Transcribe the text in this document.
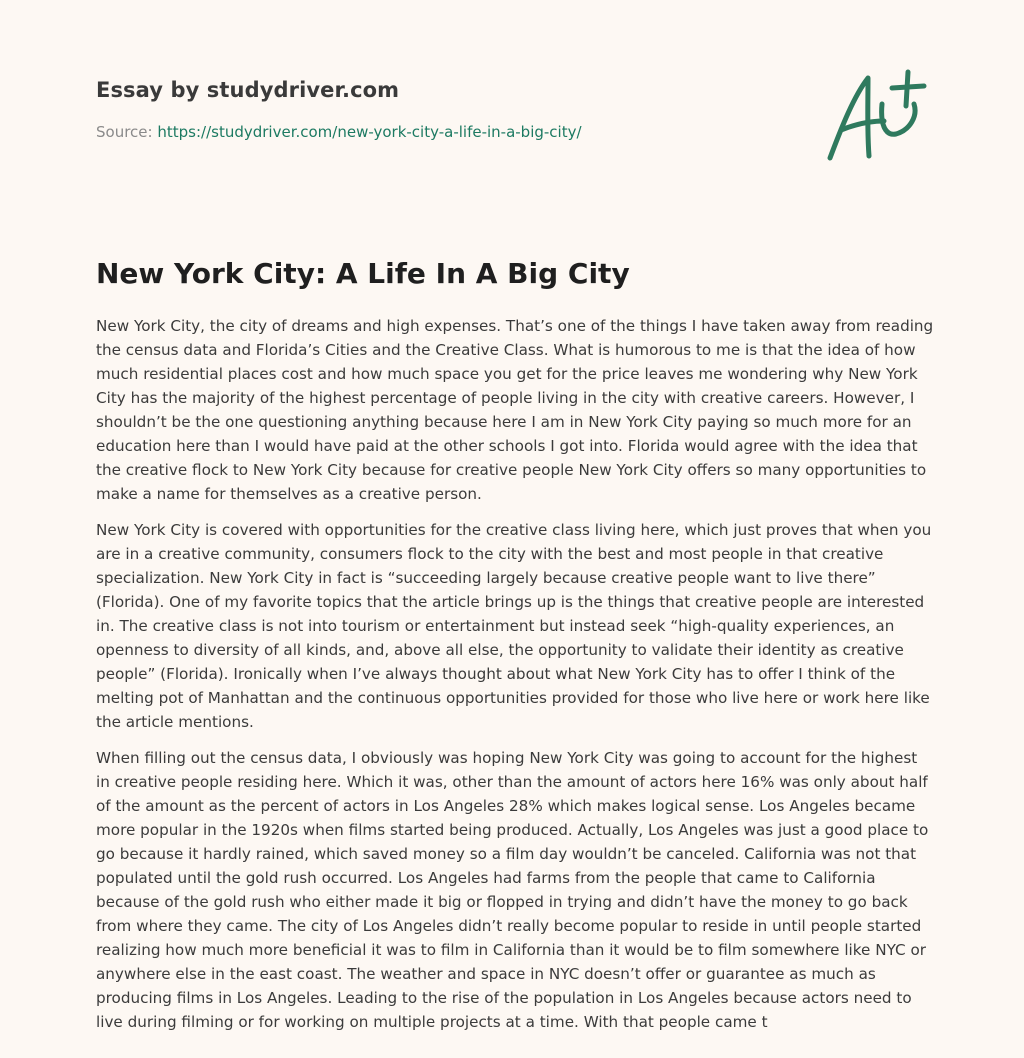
Essay by studydriver.com
Source: https://studydriver.com/new-york-city-a-life-in-a-big-city/
New York City: A Life In A Big City

New York City, the city of dreams and high expenses. That’s one of the things I have taken away from reading the census data and Florida’s Cities and the Creative Class. What is humorous to me is that the idea of how much residential places cost and how much space you get for the price leaves me wondering why New York City has the majority of the highest percentage of people living in the city with creative careers. However, I shouldn’t be the one questioning anything because here I am in New York City paying so much more for an education here than I would have paid at the other schools I got into. Florida would agree with the idea that the creative flock to New York City because for creative people New York City offers so many opportunities to make a name for themselves as a creative person.

New York City is covered with opportunities for the creative class living here, which just proves that when you are in a creative community, consumers flock to the city with the best and most people in that creative specialization. New York City in fact is “succeeding largely because creative people want to live there” (Florida). One of my favorite topics that the article brings up is the things that creative people are interested in. The creative class is not into tourism or entertainment but instead seek “high-quality experiences, an openness to diversity of all kinds, and, above all else, the opportunity to validate their identity as creative people” (Florida). Ironically when I’ve always thought about what New York City has to offer I think of the melting pot of Manhattan and the continuous opportunities provided for those who live here or work here like the article mentions.

When filling out the census data, I obviously was hoping New York City was going to account for the highest in creative people residing here. Which it was, other than the amount of actors here 16% was only about half of the amount as the percent of actors in Los Angeles 28% which makes logical sense. Los Angeles became more popular in the 1920s when films started being produced. Actually, Los Angeles was just a good place to go because it hardly rained, which saved money so a film day wouldn’t be canceled. California was not that populated until the gold rush occurred. Los Angeles had farms from the people that came to California because of the gold rush who either made it big or flopped in trying and didn’t have the money to go back from where they came. The city of Los Angeles didn’t really become popular to reside in until people started realizing how much more beneficial it was to film in California than it would be to film somewhere like NYC or anywhere else in the east coast. The weather and space in NYC doesn’t offer or guarantee as much as producing films in Los Angeles. Leading to the rise of the population in Los Angeles because actors need to live during filming or for working on multiple projects at a time. With that people came t
